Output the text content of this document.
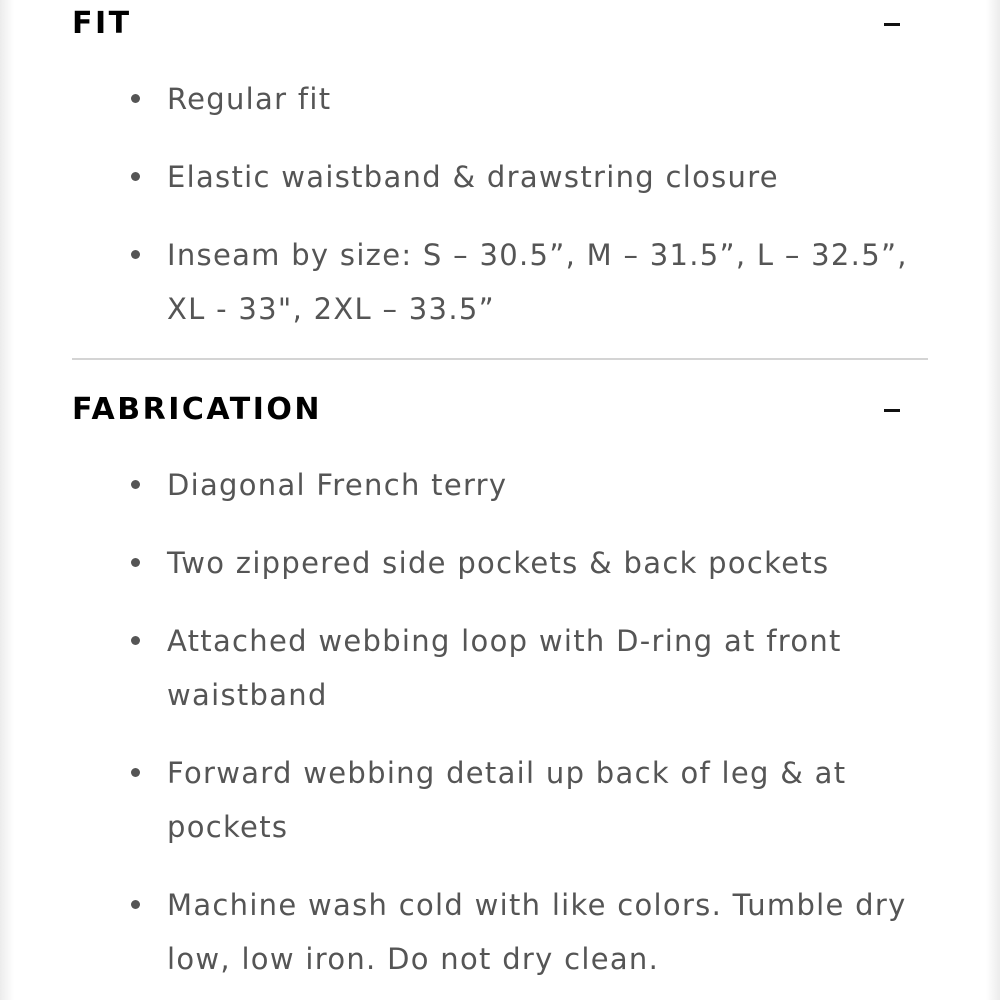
FIT
Regular fit
Elastic waistband & drawstring closure
Inseam by size: S – 30.5”, M – 31.5”, L – 32.5”, XL - 33", 2XL – 33.5”
FABRICATION
Diagonal French terry
Two zippered side pockets & back pockets
Attached webbing loop with D-ring at front waistband
Forward webbing detail up back of leg & at pockets
Machine wash cold with like colors. Tumble dry low, low iron. Do not dry clean.
